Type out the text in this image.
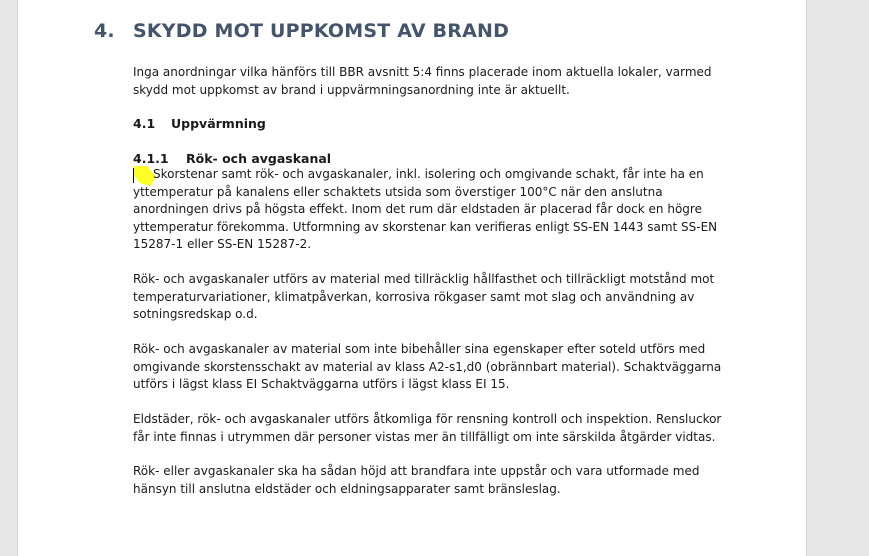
4. SKYDD MOT UPPKOMST AV BRAND

Inga anordningar vilka hänförs till BBR avsnitt 5:4 finns placerade inom aktuella lokaler, varmed skydd mot uppkomst av brand i uppvärmningsanordning inte är aktuellt.

4.1 Uppvärmning
4.1.1 Rök- och avgaskanal

Skorstenar samt rök- och avgaskanaler, inkl. isolering och omgivande schakt, får inte ha en yttemperatur på kanalens eller schaktets utsida som överstiger 100°C när den anslutna anordningen drivs på högsta effekt. Inom det rum där eldstaden är placerad får dock en högre yttemperatur förekomma. Utformning av skorstenar kan verifieras enligt SS-EN 1443 samt SS-EN 15287-1 eller SS-EN 15287-2.

Rök- och avgaskanaler utförs av material med tillräcklig hållfasthet och tillräckligt motstånd mot temperaturvariationer, klimatpåverkan, korrosiva rökgaser samt mot slag och användning av sotningsredskap o.d.

Rök- och avgaskanaler av material som inte bibehåller sina egenskaper efter soteld utförs med omgivande skorstensschakt av material av klass A2-s1,d0 (obrännbart material). Schaktväggarna utförs i lägst klass EI Schaktväggarna utförs i lägst klass EI 15.

Eldstäder, rök- och avgaskanaler utförs åtkomliga för rensning kontroll och inspektion. Rensluckor får inte finnas i utrymmen där personer vistas mer än tillfälligt om inte särskilda åtgärder vidtas.

Rök- eller avgaskanaler ska ha sådan höjd att brandfara inte uppstår och vara utformade med hänsyn till anslutna eldstäder och eldningsapparater samt bränsleslag.
